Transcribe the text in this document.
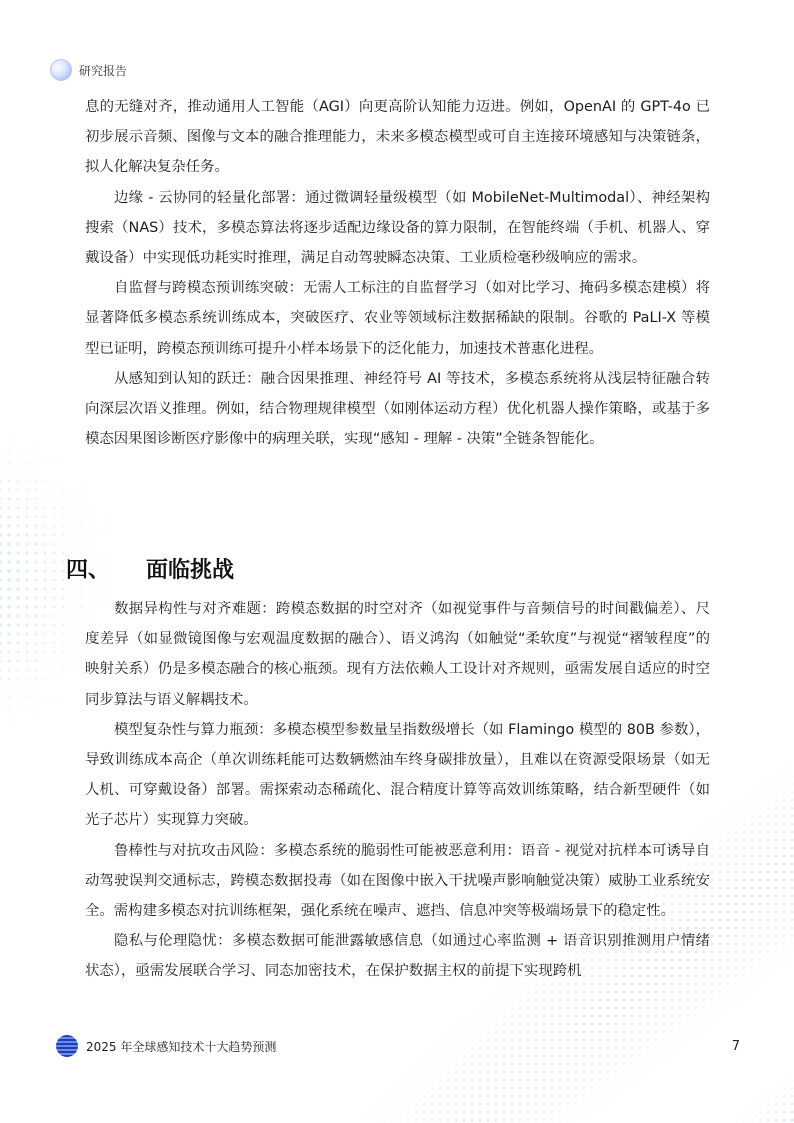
研究报告

息的无缝对齐，推动通用人工智能（AGI）向更高阶认知能力迈进。例如，OpenAI 的 GPT-4o 已初步展示音频、图像与文本的融合推理能力，未来多模态模型或可自主连接环境感知与决策链条，拟人化解决复杂任务。

边缘 - 云协同的轻量化部署：通过微调轻量级模型（如 MobileNet-Multimodal）、神经架构搜索（NAS）技术，多模态算法将逐步适配边缘设备的算力限制，在智能终端（手机、机器人、穿戴设备）中实现低功耗实时推理，满足自动驾驶瞬态决策、工业质检毫秒级响应的需求。

自监督与跨模态预训练突破：无需人工标注的自监督学习（如对比学习、掩码多模态建模）将显著降低多模态系统训练成本，突破医疗、农业等领域标注数据稀缺的限制。谷歌的 PaLI-X 等模型已证明，跨模态预训练可提升小样本场景下的泛化能力，加速技术普惠化进程。

从感知到认知的跃迁：融合因果推理、神经符号 AI 等技术，多模态系统将从浅层特征融合转向深层次语义推理。例如，结合物理规律模型（如刚体运动方程）优化机器人操作策略，或基于多模态因果图诊断医疗影像中的病理关联，实现“感知 - 理解 - 决策”全链条智能化。

四、 面临挑战

数据异构性与对齐难题：跨模态数据的时空对齐（如视觉事件与音频信号的时间戳偏差）、尺度差异（如显微镜图像与宏观温度数据的融合）、语义鸿沟（如触觉“柔软度”与视觉“褶皱程度”的映射关系）仍是多模态融合的核心瓶颈。现有方法依赖人工设计对齐规则，亟需发展自适应的时空同步算法与语义解耦技术。

模型复杂性与算力瓶颈：多模态模型参数量呈指数级增长（如 Flamingo 模型的 80B 参数），导致训练成本高企（单次训练耗能可达数辆燃油车终身碳排放量），且难以在资源受限场景（如无人机、可穿戴设备）部署。需探索动态稀疏化、混合精度计算等高效训练策略，结合新型硬件（如光子芯片）实现算力突破。

鲁棒性与对抗攻击风险：多模态系统的脆弱性可能被恶意利用：语音 - 视觉对抗样本可诱导自动驾驶误判交通标志，跨模态数据投毒（如在图像中嵌入干扰噪声影响触觉决策）威胁工业系统安全。需构建多模态对抗训练框架，强化系统在噪声、遮挡、信息冲突等极端场景下的稳定性。

隐私与伦理隐忧：多模态数据可能泄露敏感信息（如通过心率监测 + 语音识别推测用户情绪状态），亟需发展联合学习、同态加密技术，在保护数据主权的前提下实现跨机

2025 年全球感知技术十大趋势预测	7
